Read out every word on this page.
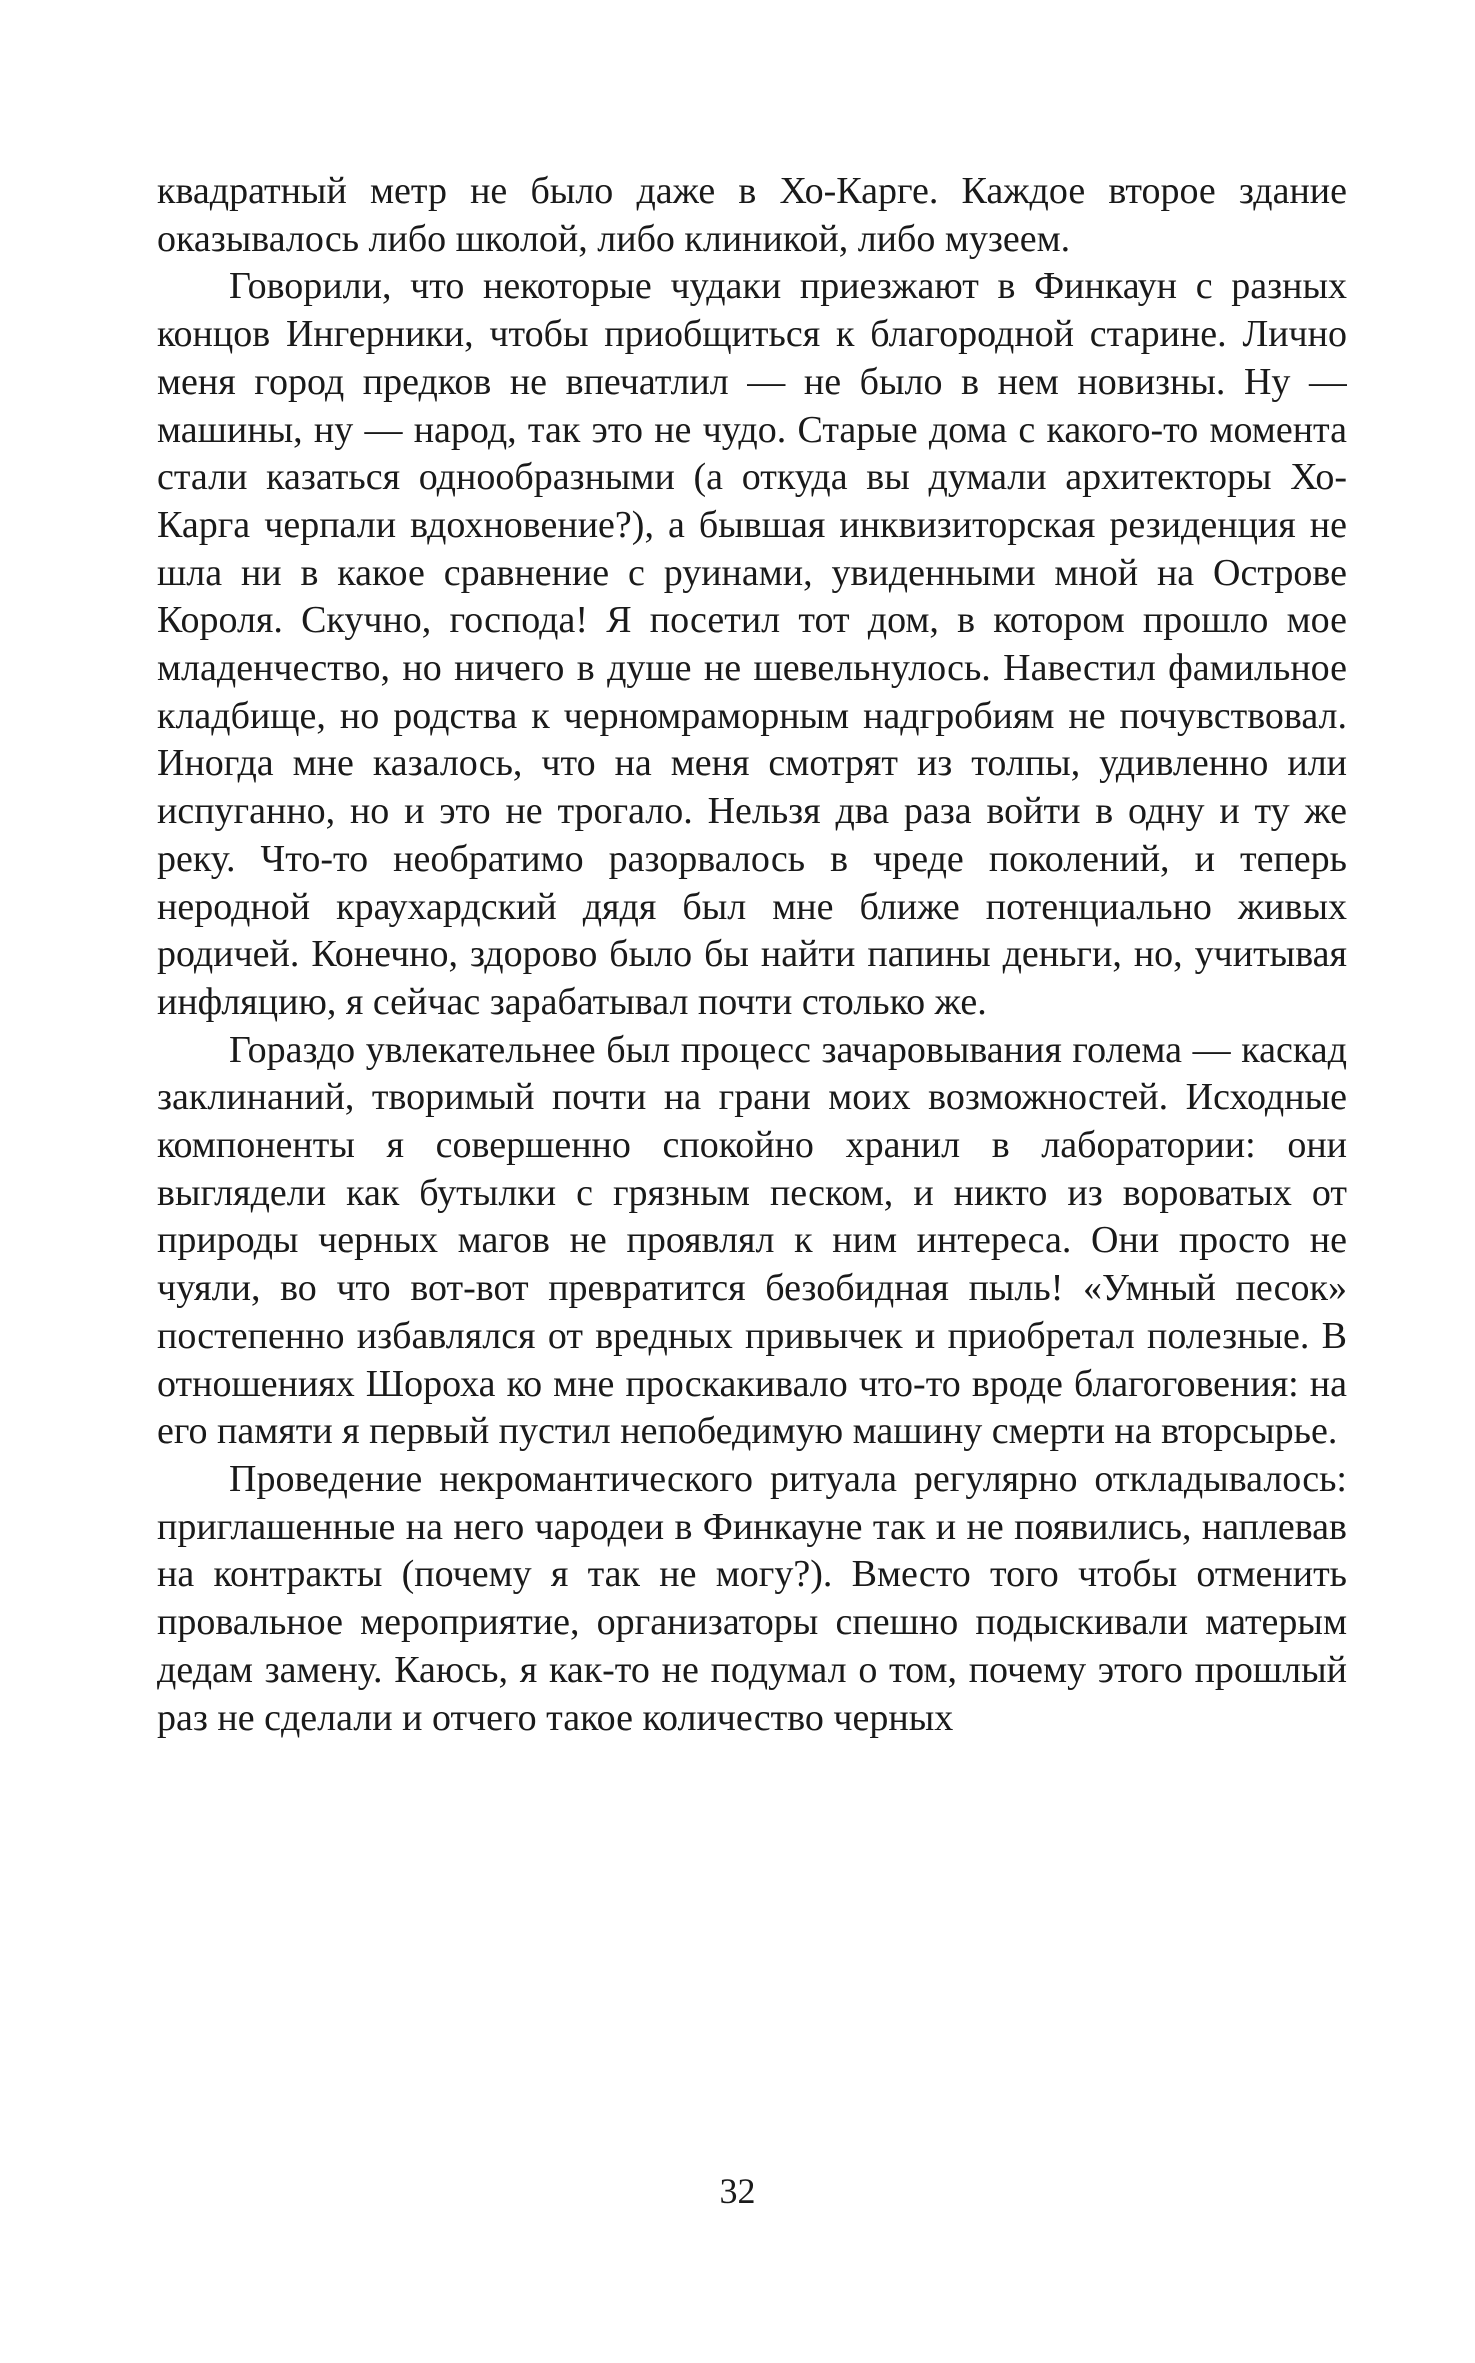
квадратный метр не было даже в Хо-Карге. Каждое второе здание оказывалось либо школой, либо клиникой, либо музеем.

Говорили, что некоторые чудаки приезжают в Финкаун с разных концов Ингерники, чтобы приобщиться к благородной старине. Лично меня город предков не впечатлил — не было в нем новизны. Ну — машины, ну — народ, так это не чудо. Старые дома с какого-то момента стали казаться однообразными (а откуда вы думали архитекторы Хо-Карга черпали вдохновение?), а бывшая инквизиторская резиденция не шла ни в какое сравнение с руинами, увиденными мной на Острове Короля. Скучно, господа! Я посетил тот дом, в котором прошло мое младенчество, но ничего в душе не шевельнулось. Навестил фамильное кладбище, но родства к черномраморным надгробиям не почувствовал. Иногда мне казалось, что на меня смотрят из толпы, удивленно или испуганно, но и это не трогало. Нельзя два раза войти в одну и ту же реку. Что-то необратимо разорвалось в чреде поколений, и теперь неродной краухардский дядя был мне ближе потенциально живых родичей. Конечно, здорово было бы найти папины деньги, но, учитывая инфляцию, я сейчас зарабатывал почти столько же.

Гораздо увлекательнее был процесс зачаровывания голема — каскад заклинаний, творимый почти на грани моих возможностей. Исходные компоненты я совершенно спокойно хранил в лаборатории: они выглядели как бутылки с грязным песком, и никто из вороватых от природы черных магов не проявлял к ним интереса. Они просто не чуяли, во что вот-вот превратится безобидная пыль! «Умный песок» постепенно избавлялся от вредных привычек и приобретал полезные. В отношениях Шороха ко мне проскакивало что-то вроде благоговения: на его памяти я первый пустил непобедимую машину смерти на вторсырье.

Проведение некромантического ритуала регулярно откладывалось: приглашенные на него чародеи в Финкауне так и не появились, наплевав на контракты (почему я так не могу?). Вместо того чтобы отменить провальное мероприятие, организаторы спешно подыскивали матерым дедам замену. Каюсь, я как-то не подумал о том, почему этого прошлый раз не сделали и отчего такое количество черных

32
